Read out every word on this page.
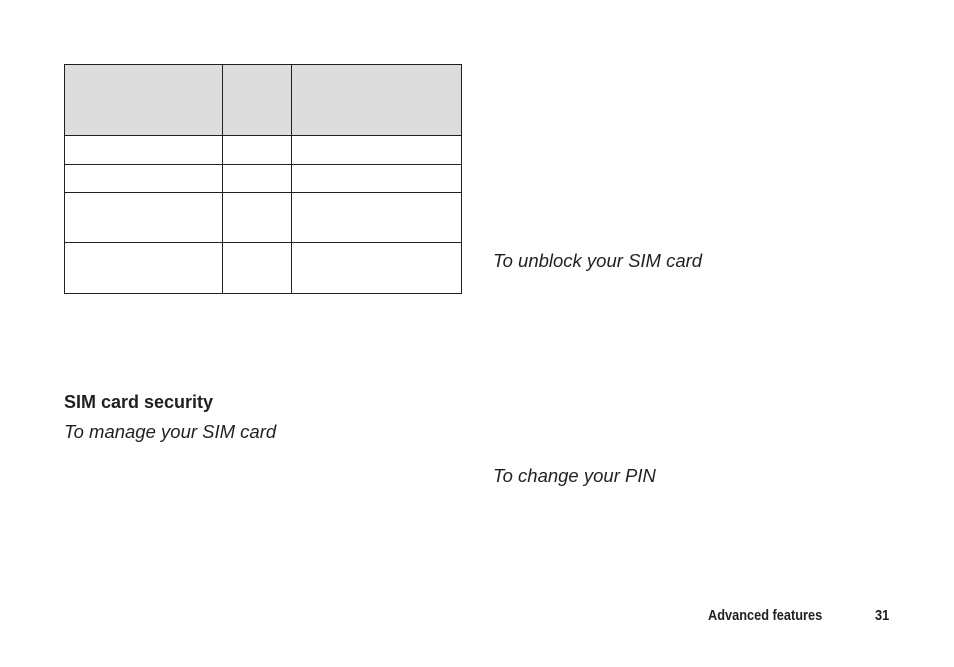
SIM card security

To manage your SIM card

To unblock your SIM card

To change your PIN

Advanced features	31
